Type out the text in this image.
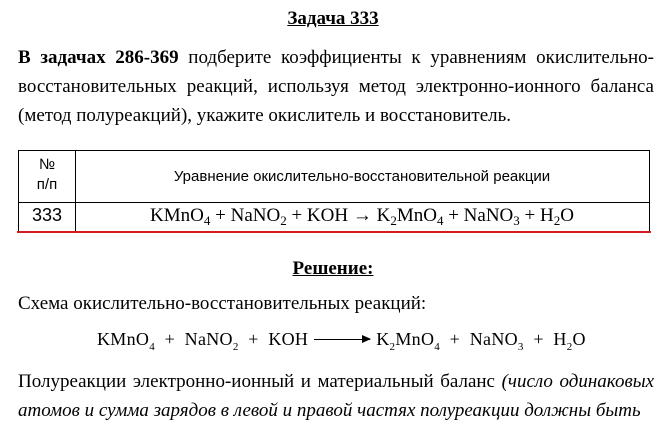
Задача 333
В задачах 286-369 подберите коэффициенты к уравнениям окислительно-восстановительных реакций, используя метод электронно-ионного баланса (метод полуреакций), укажите окислитель и восстановитель.
№
п/п	Уравнение окислительно-восстановительной реакции
333	KMnO$_4$ + NaNO$_2$ + KOH → $K_2MnO_4$ + NaNO$_3$ + $H_2O$
Решение:
Схема окислительно-восстановительных реакций:
KMnO$_4$  +  NaNO$_2$  +  KOH	$K_2MnO_4$  +  NaNO$_3$  +  $H_2O$
Полуреакции электронно-ионный и материальный баланс (число одинаковых атомов и сумма зарядов в левой и правой частях полуреакции должны быть
